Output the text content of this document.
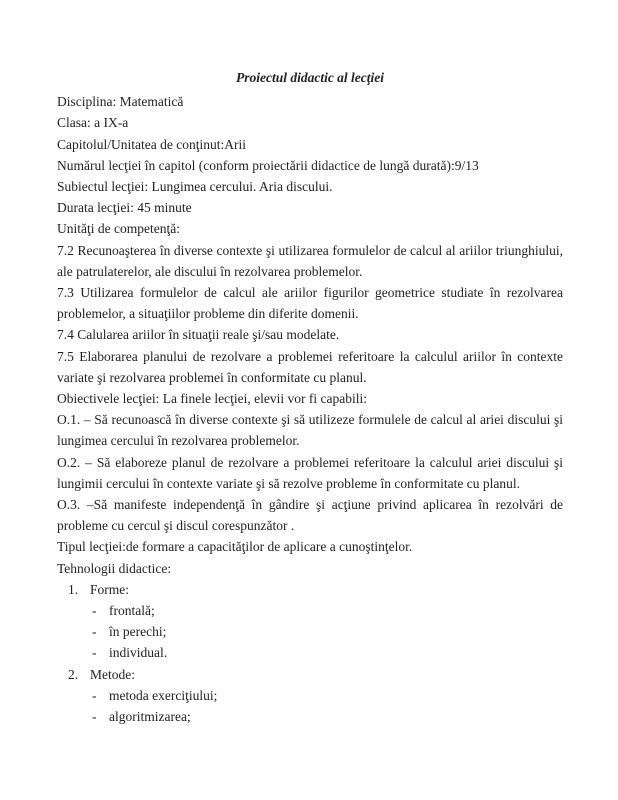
Proiectul didactic al lecţiei

Disciplina: Matematică

Clasa: a IX-a

Capitolul/Unitatea de conţinut:Arii

Numărul lecţiei în capitol (conform proiectării didactice de lungă durată):9/13

Subiectul lecţiei: Lungimea cercului. Aria discului.

Durata lecţiei: 45 minute

Unităţi de competenţă:

7.2 Recunoaşterea în diverse contexte şi utilizarea formulelor de calcul al ariilor triunghiului, ale patrulaterelor, ale discului în rezolvarea problemelor.

7.3 Utilizarea formulelor de calcul ale ariilor figurilor geometrice studiate în rezolvarea problemelor, a situaţiilor probleme din diferite domenii.

7.4 Calularea ariilor în situaţii reale şi/sau modelate.

7.5 Elaborarea planului de rezolvare a problemei referitoare la calculul ariilor în contexte variate şi rezolvarea problemei în conformitate cu planul.

Obiectivele lecţiei: La finele lecţiei, elevii vor fi capabili:

O.1. – Să recunoască în diverse contexte şi să utilizeze formulele de calcul al ariei discului şi lungimea cercului în rezolvarea problemelor.

O.2. – Să elaboreze planul de rezolvare a problemei referitoare la calculul ariei discului şi lungimii cercului în contexte variate şi să rezolve probleme în conformitate cu planul.

O.3. –Să manifeste independenţă în gândire şi acţiune privind aplicarea în rezolvări de probleme cu cercul şi discul corespunzător .

Tipul lecţiei:de formare a capacităţilor de aplicare a cunoştinţelor.

Tehnologii didactice:

1. Forme:
- frontală;
- în perechi;
- individual.
2. Metode:
- metoda exerciţiului;
- algoritmizarea;
